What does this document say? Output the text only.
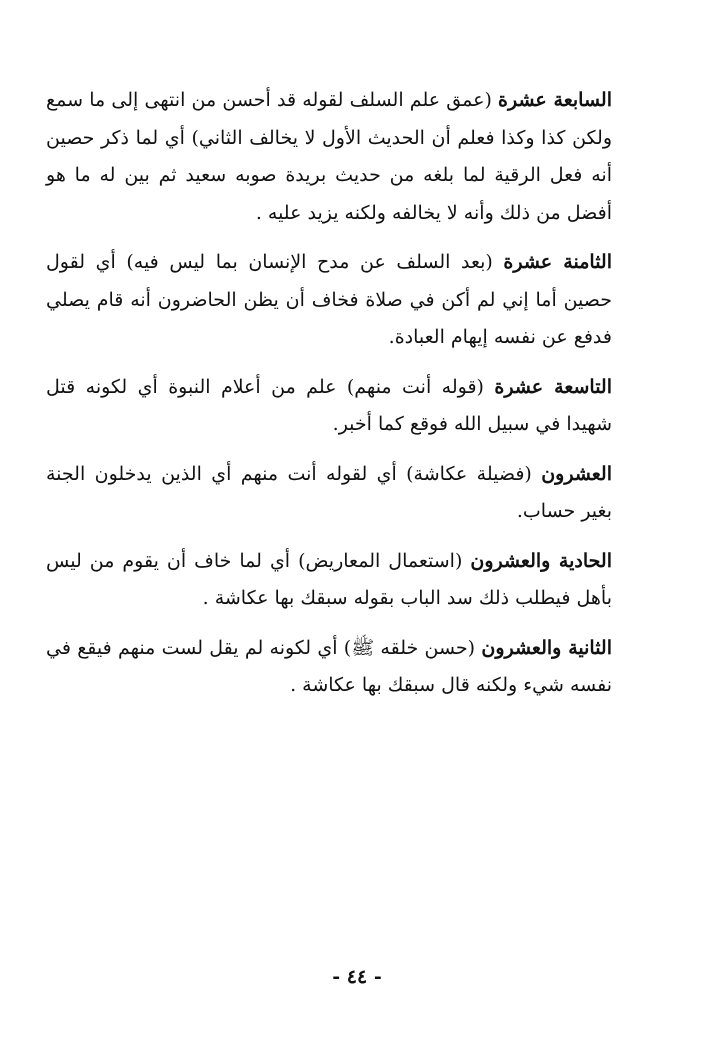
السابعة عشرة (عمق علم السلف لقوله قد أحسن من انتهى إلى ما سمع ولكن كذا وكذا فعلم أن الحديث الأول لا يخالف الثاني) أي لما ذكر حصين أنه فعل الرقية لما بلغه من حديث بريدة صوبه سعيد ثم بين له ما هو أفضل من ذلك وأنه لا يخالفه ولكنه يزيد عليه .

الثامنة عشرة (بعد السلف عن مدح الإنسان بما ليس فيه) أي لقول حصين أما إني لم أكن في صلاة فخاف أن يظن الحاضرون أنه قام يصلي فدفع عن نفسه إيهام العبادة.

التاسعة عشرة (قوله أنت منهم) علم من أعلام النبوة أي لكونه قتل شهيدا في سبيل الله فوقع كما أخبر.

العشرون (فضيلة عكاشة) أي لقوله أنت منهم أي الذين يدخلون الجنة بغير حساب.

الحادية والعشرون (استعمال المعاريض) أي لما خاف أن يقوم من ليس بأهل فيطلب ذلك سد الباب بقوله سبقك بها عكاشة .

الثانية والعشرون (حسن خلقه ﷺ) أي لكونه لم يقل لست منهم فيقع في نفسه شيء ولكنه قال سبقك بها عكاشة .

- ٤٤ -
